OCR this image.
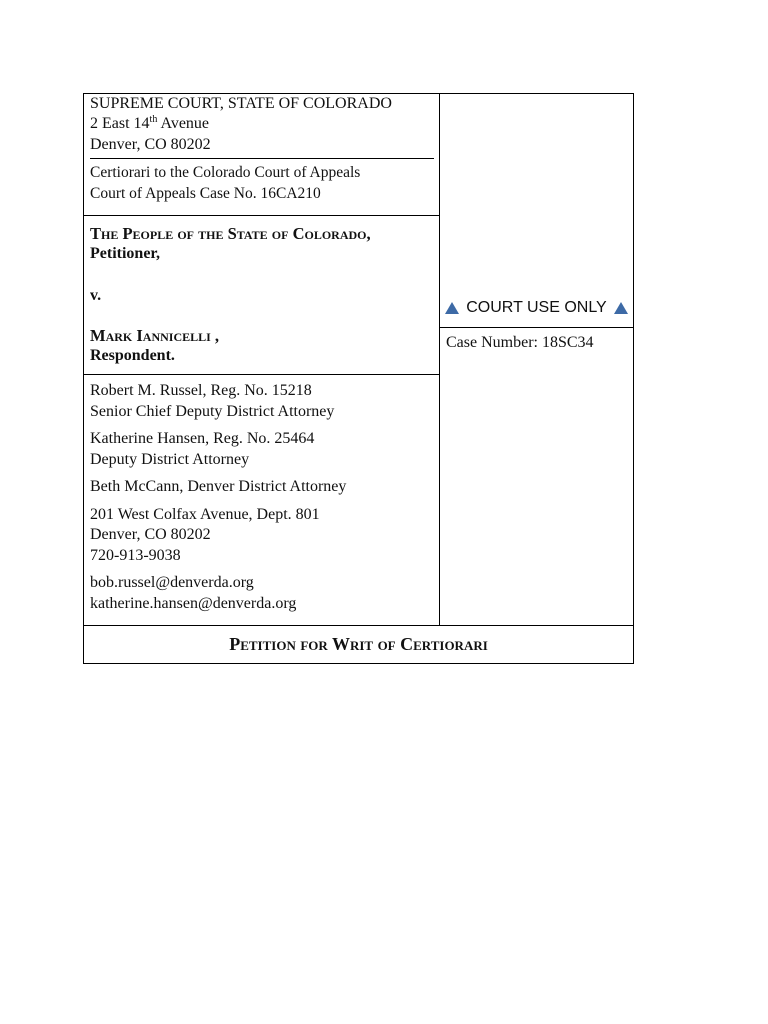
SUPREME COURT, STATE OF COLORADO
2 East 14th Avenue
Denver, CO 80202
Certiorari to the Colorado Court of Appeals
Court of Appeals Case No. 16CA210
The People of the State of Colorado,
Petitioner,
v.
Mark Iannicelli ,
Respondent.
Robert M. Russel, Reg. No. 15218
Senior Chief Deputy District Attorney
Katherine Hansen, Reg. No. 25464
Deputy District Attorney
Beth McCann, Denver District Attorney
201 West Colfax Avenue, Dept. 801
Denver, CO 80202
720-913-9038
bob.russel@denverda.org
katherine.hansen@denverda.org
COURT USE ONLY
Case Number: 18SC34
Petition for Writ of Certiorari
